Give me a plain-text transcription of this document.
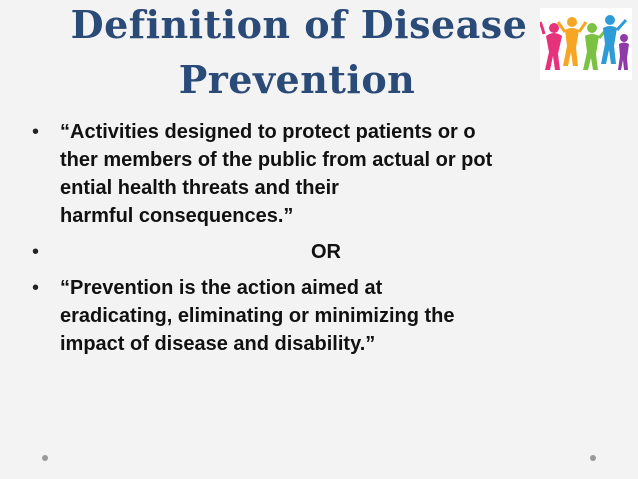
Definition of Disease
Prevention
• “Activities designed to protect patients or o
ther members of the public from actual or pot
ential health threats and their
harmful consequences.”
•	OR
• “Prevention is the action aimed at
eradicating, eliminating or minimizing the
impact of disease and disability.”
